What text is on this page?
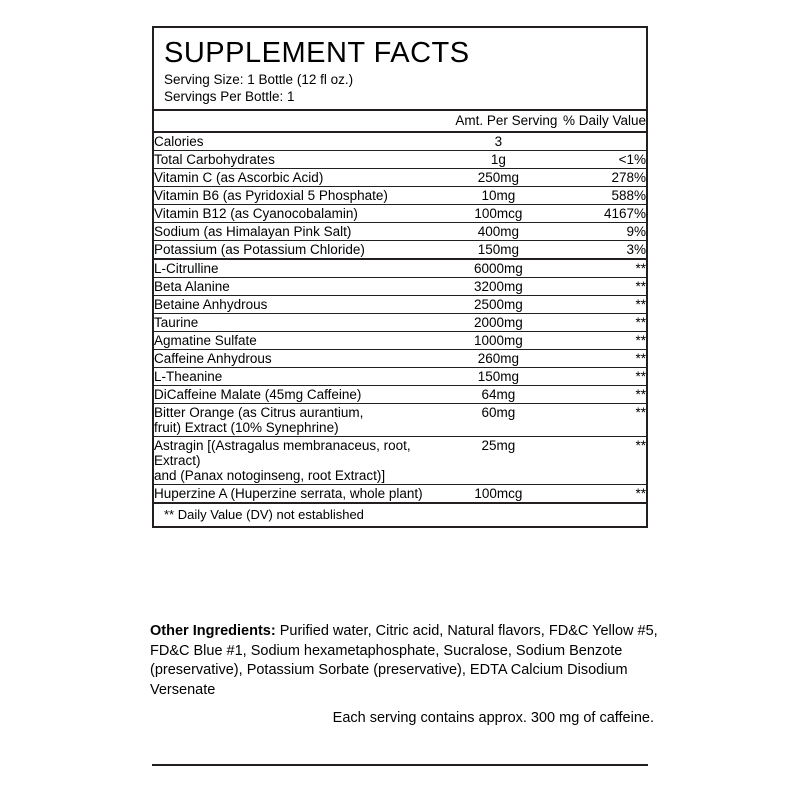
SUPPLEMENT FACTS
Serving Size: 1 Bottle (12 fl oz.)
Servings Per Bottle: 1
	Amt. Per Serving	% Daily Value
Calories	3	
Total Carbohydrates	1g	<1%
Vitamin C (as Ascorbic Acid)	250mg	278%
Vitamin B6 (as Pyridoxial 5 Phosphate)	10mg	588%
Vitamin B12 (as Cyanocobalamin)	100mcg	4167%
Sodium (as Himalayan Pink Salt)	400mg	9%
Potassium (as Potassium Chloride)	150mg	3%
L-Citrulline	6000mg	**
Beta Alanine	3200mg	**
Betaine Anhydrous	2500mg	**
Taurine	2000mg	**
Agmatine Sulfate	1000mg	**
Caffeine Anhydrous	260mg	**
L-Theanine	150mg	**
DiCaffeine Malate (45mg Caffeine)	64mg	**

Bitter Orange (as Citrus aurantium,
fruit) Extract (10% Synephrine)	60mg	**

Astragin [(Astragalus membranaceus, root, Extract)
and (Panax notoginseng, root Extract)]	25mg	**
Huperzine A (Huperzine serrata, whole plant)	100mcg	**
** Daily Value (DV) not established
Other Ingredients: Purified water, Citric acid, Natural flavors, FD&C Yellow #5, FD&C Blue #1, Sodium hexametaphosphate, Sucralose, Sodium Benzote (preservative), Potassium Sorbate (preservative), EDTA Calcium Disodium Versenate
Each serving contains approx. 300 mg of caffeine.
